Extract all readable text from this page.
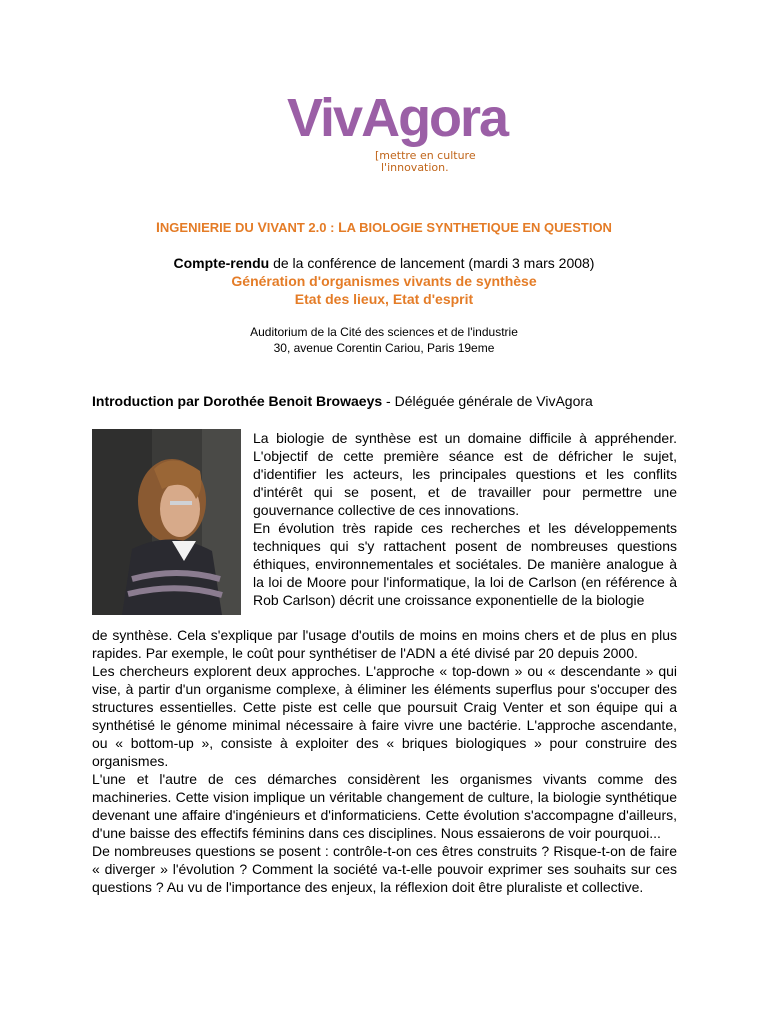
VivAgora
[mettre en culture
l'innovation.
INGENIERIE DU VIVANT 2.0 : LA BIOLOGIE SYNTHETIQUE EN QUESTION
Compte-rendu de la conférence de lancement (mardi 3 mars 2008)
Génération d'organismes vivants de synthèse
Etat des lieux, Etat d'esprit
Auditorium de la Cité des sciences et de l'industrie
30, avenue Corentin Cariou, Paris 19eme
Introduction par Dorothée Benoit Browaeys - Déléguée générale de VivAgora

La biologie de synthèse est un domaine difficile à appréhender. L'objectif de cette première séance est de défricher le sujet, d'identifier les acteurs, les principales questions et les conflits d'intérêt qui se posent, et de travailler pour permettre une gouvernance collective de ces innovations.

En évolution très rapide ces recherches et les développements techniques qui s'y rattachent posent de nombreuses questions éthiques, environnementales et sociétales. De manière analogue à la loi de Moore pour l'informatique, la loi de Carlson (en référence à Rob Carlson) décrit une croissance exponentielle de la biologie

de synthèse. Cela s'explique par l'usage d'outils de moins en moins chers et de plus en plus rapides. Par exemple, le coût pour synthétiser de l'ADN a été divisé par 20 depuis 2000.

Les chercheurs explorent deux approches. L'approche « top-down » ou « descendante » qui vise, à partir d'un organisme complexe, à éliminer les éléments superflus pour s'occuper des structures essentielles. Cette piste est celle que poursuit Craig Venter et son équipe qui a synthétisé le génome minimal nécessaire à faire vivre une bactérie. L'approche ascendante, ou « bottom-up », consiste à exploiter des « briques biologiques » pour construire des organismes.

L'une et l'autre de ces démarches considèrent les organismes vivants comme des machineries. Cette vision implique un véritable changement de culture, la biologie synthétique devenant une affaire d'ingénieurs et d'informaticiens. Cette évolution s'accompagne d'ailleurs, d'une baisse des effectifs féminins dans ces disciplines. Nous essaierons de voir pourquoi...

De nombreuses questions se posent : contrôle-t-on ces êtres construits ? Risque-t-on de faire « diverger » l'évolution ? Comment la société va-t-elle pouvoir exprimer ses souhaits sur ces questions ? Au vu de l'importance des enjeux, la réflexion doit être pluraliste et collective.
